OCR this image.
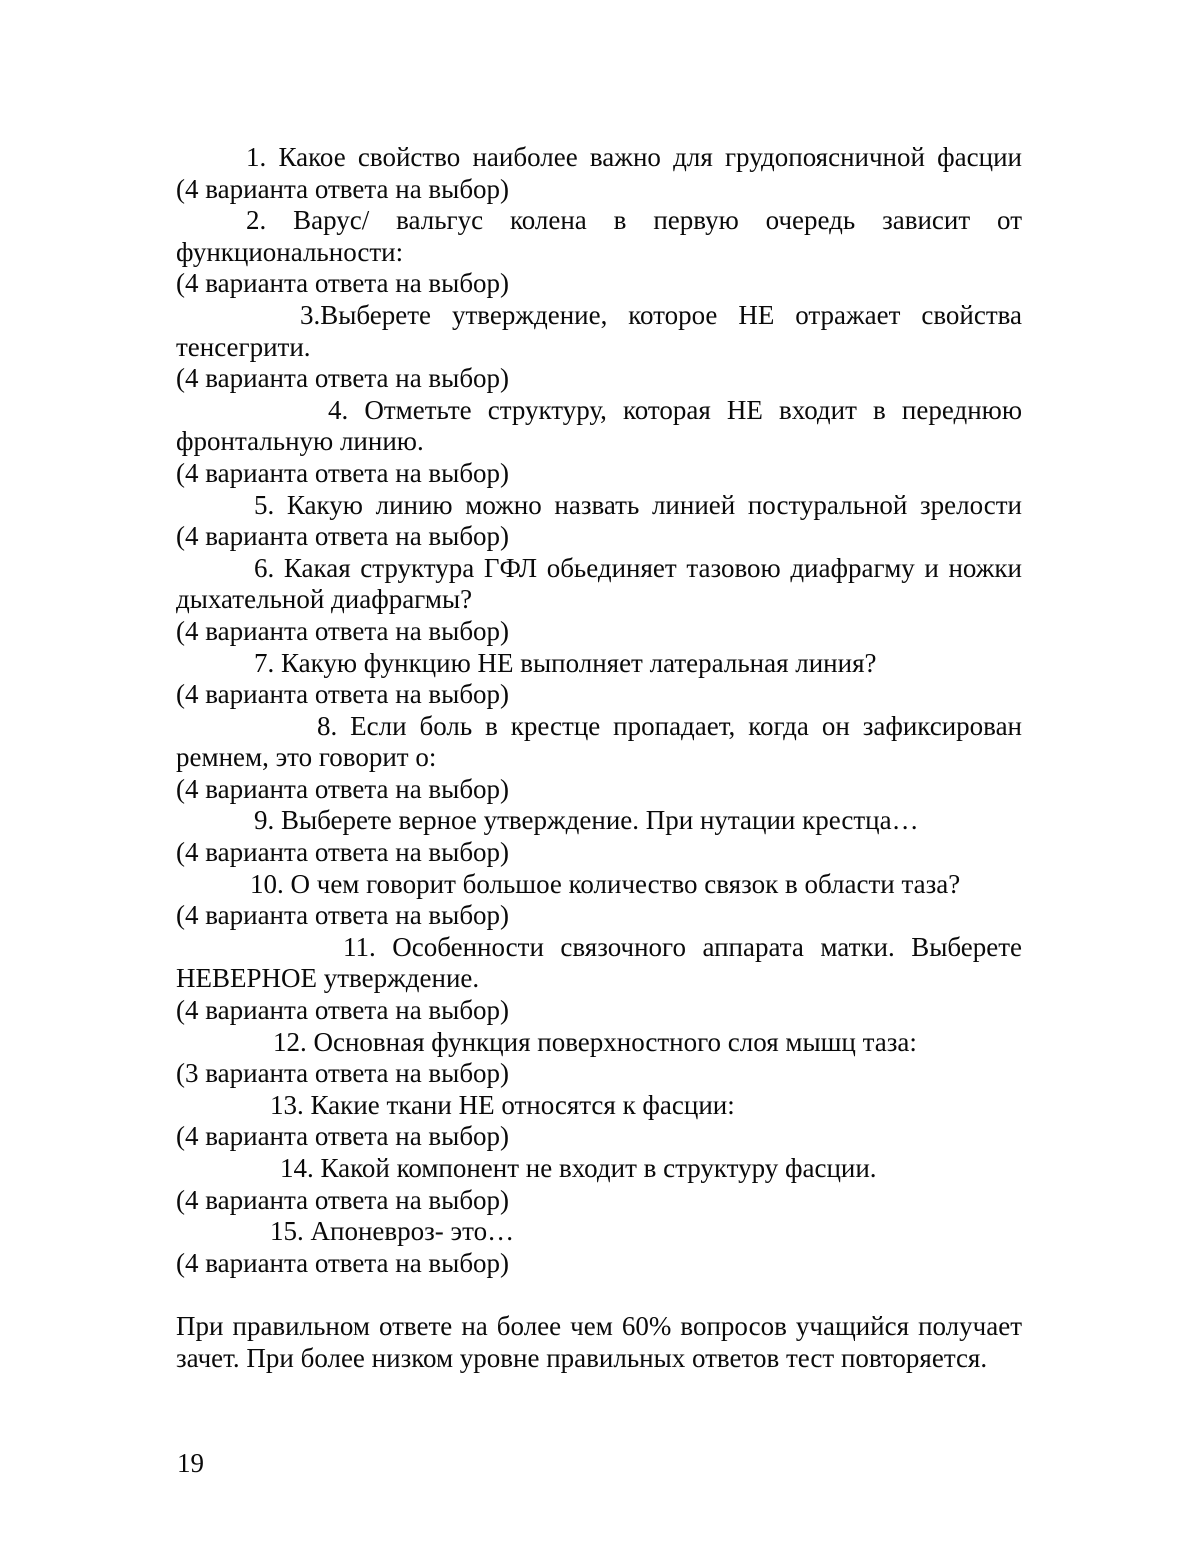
1. Какое свойство наиболее важно для грудопоясничной фасции

(4 варианта ответа на выбор)

2. Варус/ вальгус колена в первую очередь зависит от

функциональности:

(4 варианта ответа на выбор)

3.Выберете утверждение, которое НЕ отражает свойства

тенсегрити.

(4 варианта ответа на выбор)

4. Отметьте структуру, которая НЕ входит в переднюю

фронтальную линию.

(4 варианта ответа на выбор)

5. Какую линию можно назвать линией постуральной зрелости

(4 варианта ответа на выбор)

6. Какая структура ГФЛ обьединяет тазовою диафрагму и ножки

дыхательной диафрагмы?

(4 варианта ответа на выбор)

7. Какую функцию НЕ выполняет латеральная линия?

(4 варианта ответа на выбор)

8. Если боль в крестце пропадает, когда он зафиксирован

ремнем, это говорит о:

(4 варианта ответа на выбор)

9. Выберете верное утверждение. При нутации крестца…

(4 варианта ответа на выбор)

10. О чем говорит большое количество связок в области таза?

(4 варианта ответа на выбор)

11. Особенности связочного аппарата матки. Выберете

НЕВЕРНОЕ утверждение.

(4 варианта ответа на выбор)

12. Основная функция поверхностного слоя мышц таза:

(3 варианта ответа на выбор)

13. Какие ткани НЕ относятся к фасции:

(4 варианта ответа на выбор)

14. Какой компонент не входит в структуру фасции.

(4 варианта ответа на выбор)

15. Апоневроз- это…

(4 варианта ответа на выбор)

При правильном ответе на более чем 60% вопросов учащийся получает

зачет. При более низком уровне правильных ответов тест повторяется.

19
